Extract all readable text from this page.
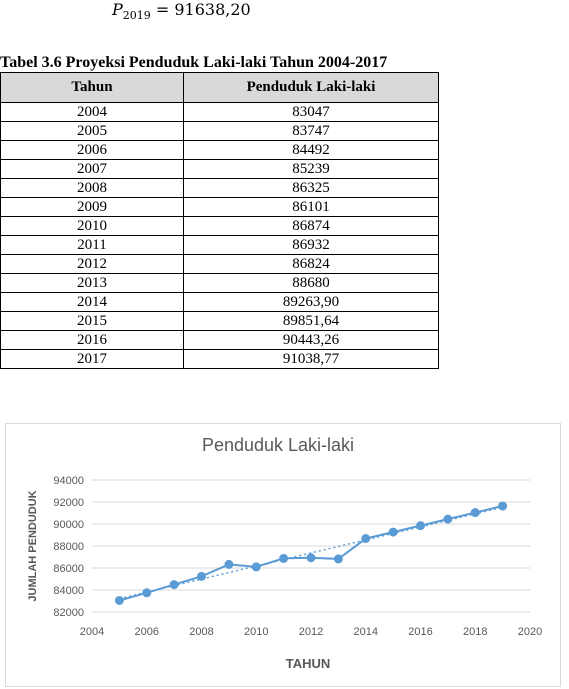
$P_{2019} = 91638,20$
Tabel 3.6 Proyeksi Penduduk Laki-laki Tahun 2004-2017
Tahun	Penduduk Laki-laki
2004	83047
2005	83747
2006	84492
2007	85239
2008	86325
2009	86101
2010	86874
2011	86932
2012	86824
2013	88680
2014	89263,90
2015	89851,64
2016	90443,26
2017	91038,77
82000
84000
86000
88000
90000
92000
94000
2004	2006	2008	2010	2012	2014	2016	2018	2020
Penduduk Laki-laki
TAHUN
JUMLAH PENDUDUK
